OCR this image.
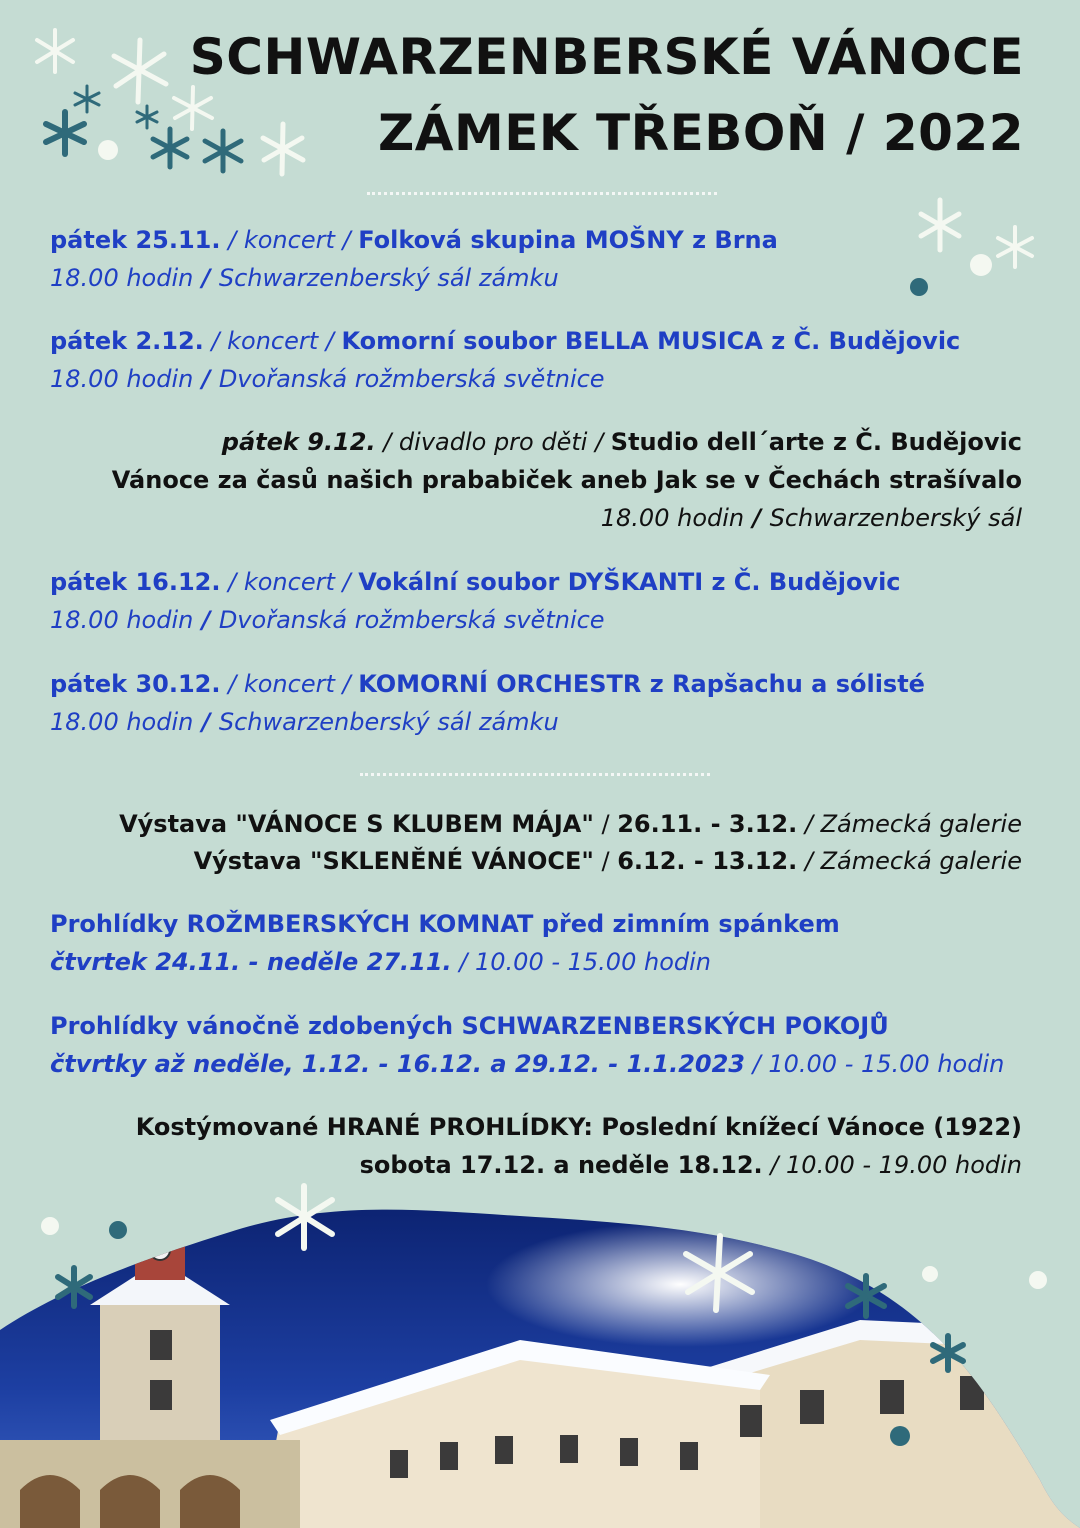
SCHWARZENBERSKÉ VÁNOCE
ZÁMEK TŘEBOŇ / 2022
pátek 25.11. / koncert / Folková skupina MOŠNY z Brna
18.00 hodin / Schwarzenberský sál zámku
pátek 2.12. / koncert / Komorní soubor BELLA MUSICA z Č. Budějovic
18.00 hodin / Dvořanská rožmberská světnice
pátek 9.12. / divadlo pro děti / Studio dell´arte z Č. Budějovic
Vánoce za časů našich prababiček aneb Jak se v Čechách strašívalo
18.00 hodin / Schwarzenberský sál
pátek 16.12. / koncert / Vokální soubor DYŠKANTI z Č. Budějovic
18.00 hodin / Dvořanská rožmberská světnice
pátek 30.12. / koncert / KOMORNÍ ORCHESTR z Rapšachu a sólisté
18.00 hodin / Schwarzenberský sál zámku
Výstava "VÁNOCE S KLUBEM MÁJA" / 26.11. - 3.12. / Zámecká galerie
Výstava "SKLENĚNÉ VÁNOCE" / 6.12. - 13.12. / Zámecká galerie
Prohlídky ROŽMBERSKÝCH KOMNAT před zimním spánkem
čtvrtek 24.11. - neděle 27.11. / 10.00 - 15.00 hodin
Prohlídky vánočně zdobených SCHWARZENBERSKÝCH POKOJŮ
čtvrtky až neděle, 1.12. - 16.12. a 29.12. - 1.1.2023 / 10.00 - 15.00 hodin
Kostýmované HRANÉ PROHLÍDKY: Poslední knížecí Vánoce (1922)
sobota 17.12. a neděle 18.12. / 10.00 - 19.00 hodin
